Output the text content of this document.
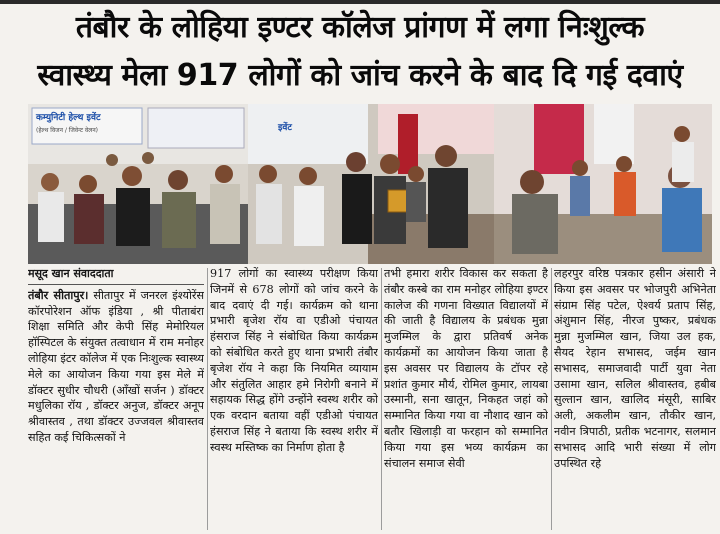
तंबौर के लोहिया इण्टर कॉलेज प्रांगण में लगा निःशुल्क
स्वास्थ्य मेला 917 लोगों को जांच करने के बाद दि गई दवाएं
कम्युनिटी हेल्थ इवेंट
(हेल्थ विजन / जिवेन्ट वेलन)	इवेंट
मसूद खान संवाददाता

तंबौर सीतापुर। सीतापुर में जनरल इंश्योरेंस कॉरपोरेशन ऑफ इंडिया , श्री पीताबंरा शिक्षा समिति और केपी सिंह मेमोरियल हॉस्पिटल के संयुक्त तत्वाधान में राम मनोहर लोहिया इंटर कॉलेज में एक निःशुल्क स्वास्थ्य मेले का आयोजन किया गया इस मेले में डॉक्टर सुधीर चौधरी (आँखों सर्जन ) डॉक्टर मधुलिका रॉय , डॉक्टर अनुज, डॉक्टर अनूप श्रीवास्तव , तथा डॉक्टर उज्जवल श्रीवास्तव सहित कई चिकित्सकों ने

917 लोगों का स्वास्थ्य परीक्षण किया जिनमें से 678 लोगों को जांच करने के बाद दवाएं दी गई। कार्यक्रम को थाना प्रभारी बृजेश रॉय वा एडीओ पंचायत हंसराज सिंह ने संबोधित किया कार्यक्रम को संबोधित करते हुए थाना प्रभारी तंबौर बृजेश रॉय ने कहा कि नियमित व्यायाम और संतुलित आहार हमे निरोगी बनाने में सहायक सिद्ध होंगे उन्होंने स्वस्थ शरीर को एक वरदान बताया वहीं एडीओ पंचायत हंसराज सिंह ने बताया कि स्वस्थ शरीर में स्वस्थ मस्तिष्क का निर्माण होता है

तभी हमारा शरीर विकास कर सकता है तंबौर कस्बे का राम मनोहर लोहिया इण्टर कालेज की गणना विख्यात विद्यालयों में की जाती है विद्यालय के प्रबंधक मुन्ना मुजम्मिल के द्वारा प्रतिवर्ष अनेक कार्यक्रमों का आयोजन किया जाता है इस अवसर पर विद्यालय के टॉपर रहे प्रशांत कुमार मौर्य, रोमिल कुमार, लायबा उस्मानी, सना खातून, निकहत जहां को सम्मानित किया गया वा नौशाद खान को बतौर खिलाड़ी वा फरहान को सम्मानित किया गया इस भव्य कार्यक्रम का संचालन समाज सेवी

लहरपुर वरिष्ठ पत्रकार हसीन अंसारी ने किया इस अवसर पर भोजपुरी अभिनेता संग्राम सिंह पटेल, ऐश्वर्य प्रताप सिंह, अंशुमान सिंह, नीरज पुष्कर, प्रबंधक मुन्ना मुजम्मिल खान, जिया उल हक, सैयद रेहान सभासद, जईम खान सभासद, समाजवादी पार्टी युवा नेता उसामा खान, सलिल श्रीवास्तव, हबीब सुल्तान खान, खालिद मंसूरी, साबिर अली, अकलीम खान, तौकीर खान, नवीन त्रिपाठी, प्रतीक भटनागर, सलमान सभासद आदि भारी संख्या में लोग उपस्थित रहे
